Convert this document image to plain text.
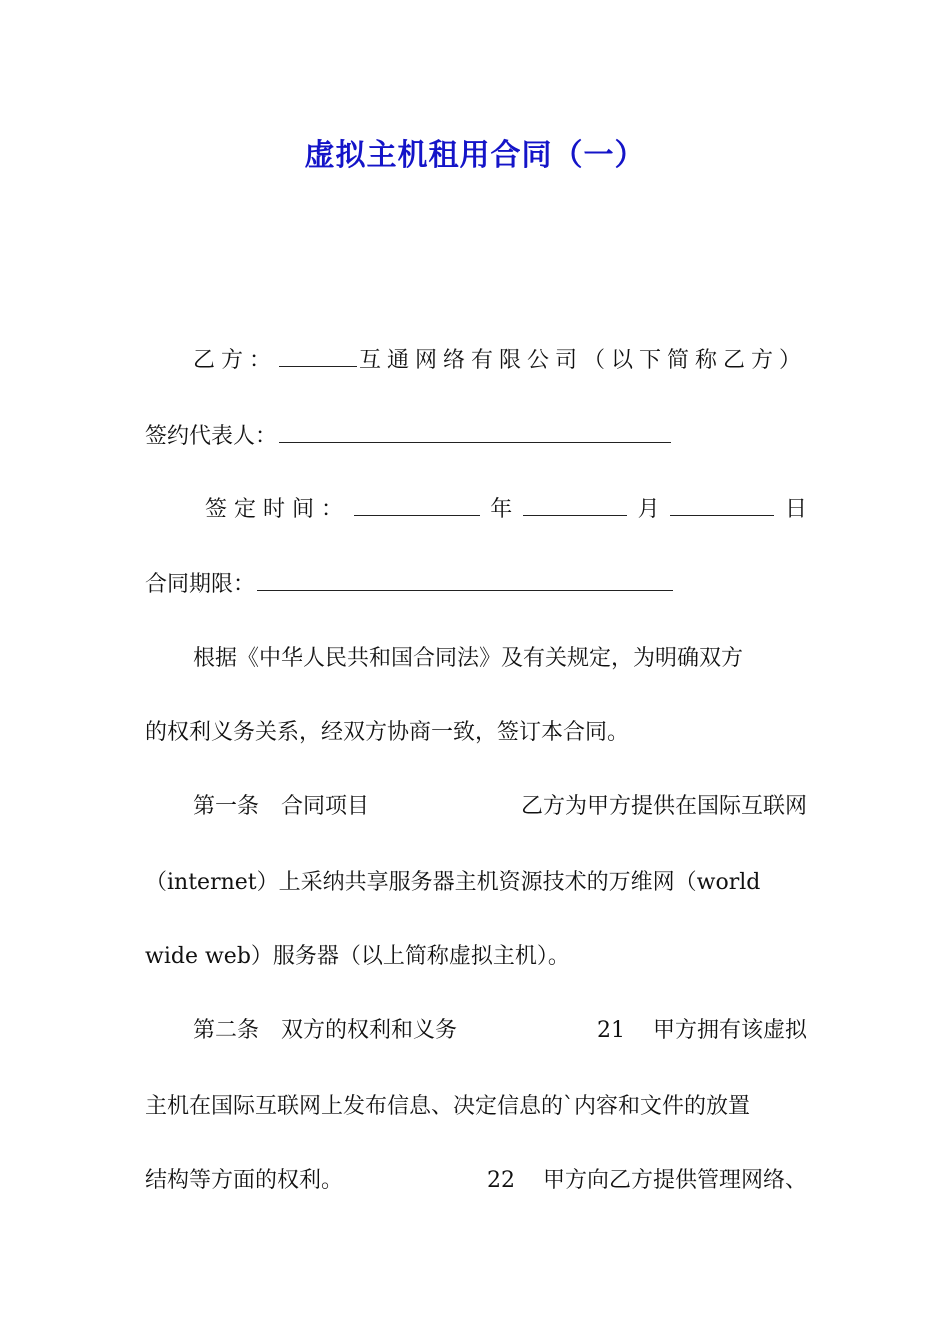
虚拟主机租用合同（一）
乙方：	互通网络有限公司（以下简称乙方）
签约代表人：
签 定 时 间 ：	年	月	日
合同期限：
根据《中华人民共和国合同法》及有关规定，为明确双方
的权利义务关系，经双方协商一致，签订本合同。
第一条　合同项目	乙方为甲方提供在国际互联网
（internet）上采纳共享服务器主机资源技术的万维网（world
wide web）服务器（以上简称虚拟主机）。
第二条　双方的权利和义务	21 甲方拥有该虚拟
主机在国际互联网上发布信息、决定信息的`内容和文件的放置
结构等方面的权利。	22 甲方向乙方提供管理网络、
